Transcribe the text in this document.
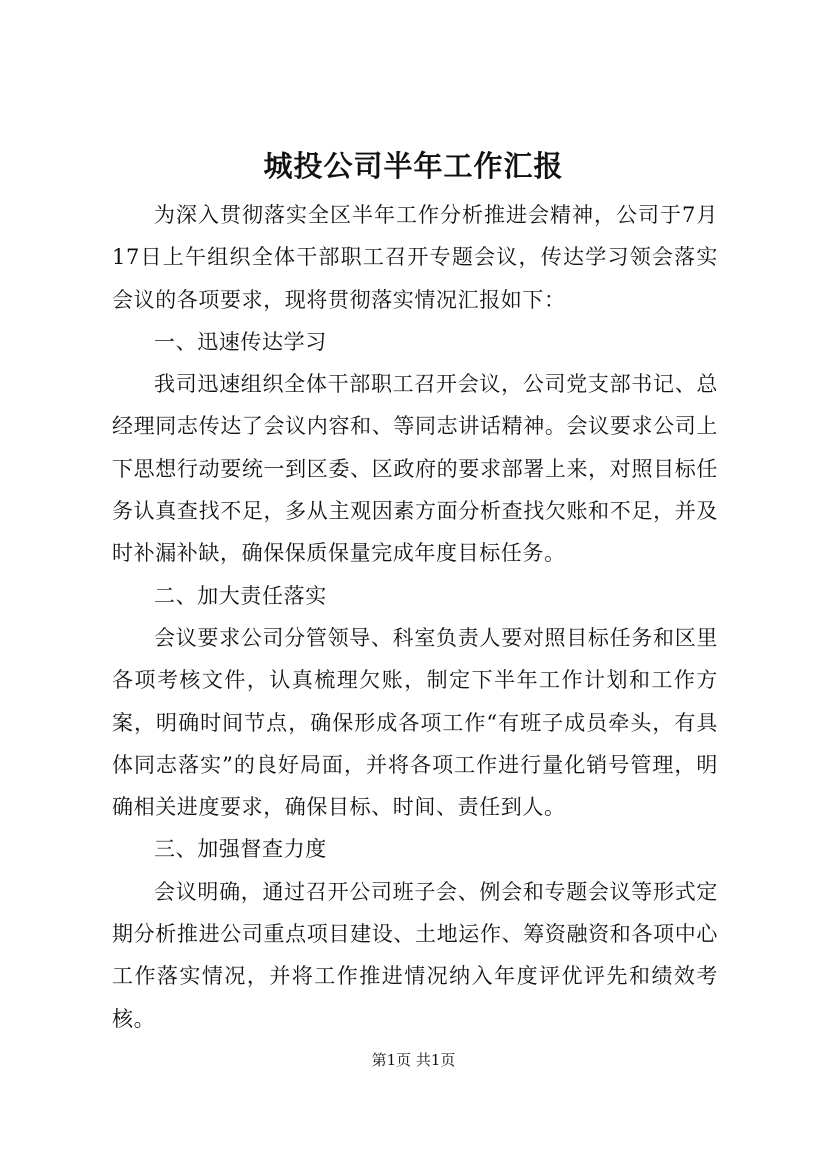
城投公司半年工作汇报

为深入贯彻落实全区半年工作分析推进会精神，公司于7月17日上午组织全体干部职工召开专题会议，传达学习领会落实会议的各项要求，现将贯彻落实情况汇报如下：

一、迅速传达学习

我司迅速组织全体干部职工召开会议，公司党支部书记、总经理同志传达了会议内容和、等同志讲话精神。会议要求公司上下思想行动要统一到区委、区政府的要求部署上来，对照目标任务认真查找不足，多从主观因素方面分析查找欠账和不足，并及时补漏补缺，确保保质保量完成年度目标任务。

二、加大责任落实

会议要求公司分管领导、科室负责人要对照目标任务和区里各项考核文件，认真梳理欠账，制定下半年工作计划和工作方案，明确时间节点，确保形成各项工作“有班子成员牵头，有具体同志落实”的良好局面，并将各项工作进行量化销号管理，明确相关进度要求，确保目标、时间、责任到人。

三、加强督查力度

会议明确，通过召开公司班子会、例会和专题会议等形式定期分析推进公司重点项目建设、土地运作、筹资融资和各项中心工作落实情况，并将工作推进情况纳入年度评优评先和绩效考核。

第1页 共1页
